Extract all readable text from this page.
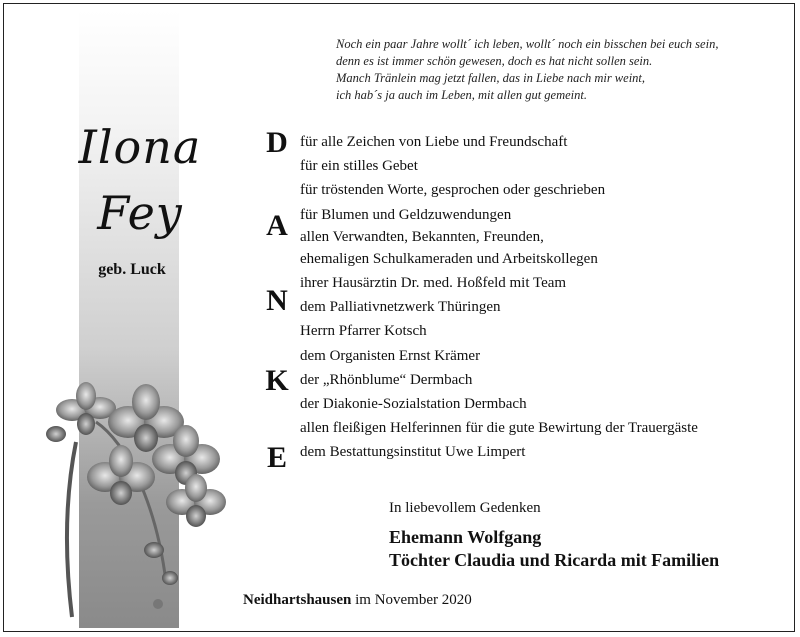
Noch ein paar Jahre wollt´ ich leben, wollt´ noch ein bisschen bei euch sein,
denn es ist immer schön gewesen, doch es hat nicht sollen sein.
Manch Tränlein mag jetzt fallen, das in Liebe nach mir weint,
ich hab´s ja auch im Leben, mit allen gut gemeint.
Ilona
Fey
geb. Luck
D
A
N
K
E
für alle Zeichen von Liebe und Freundschaft
für ein stilles Gebet
für tröstenden Worte, gesprochen oder geschrieben
für Blumen und Geldzuwendungen
allen Verwandten, Bekannten, Freunden,
ehemaligen Schulkameraden und Arbeitskollegen
ihrer Hausärztin Dr. med. Hoßfeld mit Team
dem Palliativnetzwerk Thüringen
Herrn Pfarrer Kotsch
dem Organisten Ernst Krämer
der „Rhönblume“ Dermbach
der Diakonie-Sozialstation Dermbach
allen fleißigen Helferinnen für die gute Bewirtung der Trauergäste
dem Bestattungsinstitut Uwe Limpert
In liebevollem Gedenken
Ehemann Wolfgang
Töchter Claudia und Ricarda mit Familien
Neidhartshausen im November 2020
